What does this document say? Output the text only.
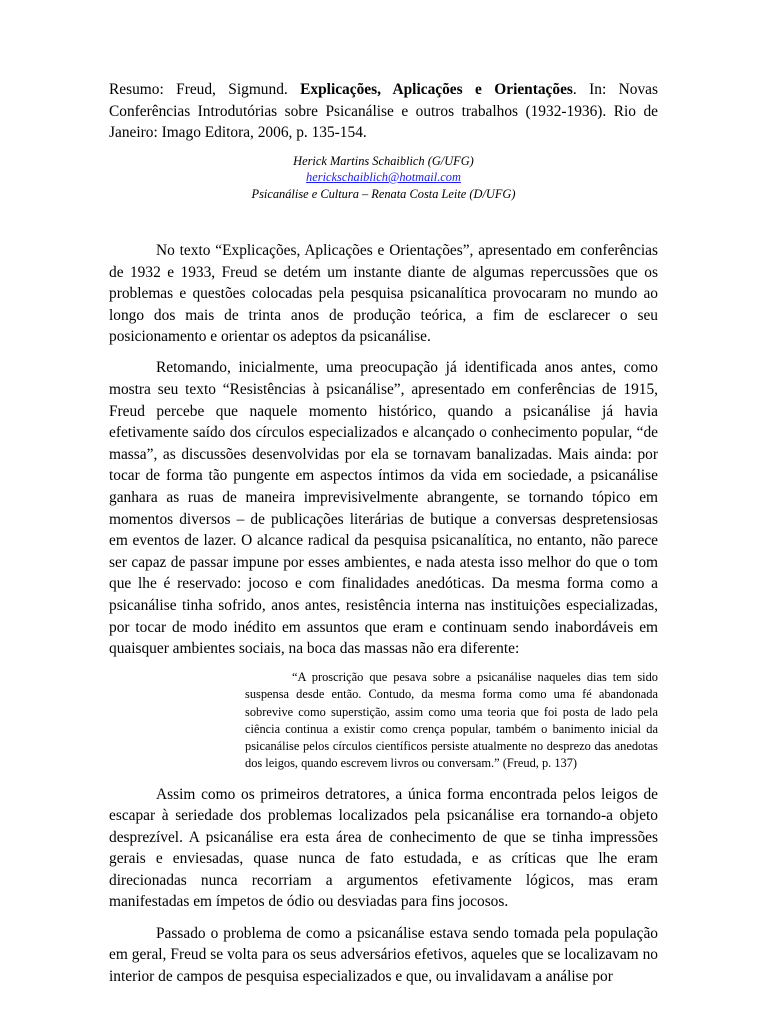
Resumo: Freud, Sigmund. Explicações, Aplicações e Orientações. In: Novas Conferências Introdutórias sobre Psicanálise e outros trabalhos (1932-1936). Rio de Janeiro: Imago Editora, 2006, p. 135-154.

Herick Martins Schaiblich (G/UFG)
herickschaiblich@hotmail.com
Psicanálise e Cultura – Renata Costa Leite (D/UFG)

No texto “Explicações, Aplicações e Orientações”, apresentado em conferências de 1932 e 1933, Freud se detém um instante diante de algumas repercussões que os problemas e questões colocadas pela pesquisa psicanalítica provocaram no mundo ao longo dos mais de trinta anos de produção teórica, a fim de esclarecer o seu posicionamento e orientar os adeptos da psicanálise.

Retomando, inicialmente, uma preocupação já identificada anos antes, como mostra seu texto “Resistências à psicanálise”, apresentado em conferências de 1915, Freud percebe que naquele momento histórico, quando a psicanálise já havia efetivamente saído dos círculos especializados e alcançado o conhecimento popular, “de massa”, as discussões desenvolvidas por ela se tornavam banalizadas. Mais ainda: por tocar de forma tão pungente em aspectos íntimos da vida em sociedade, a psicanálise ganhara as ruas de maneira imprevisivelmente abrangente, se tornando tópico em momentos diversos – de publicações literárias de butique a conversas despretensiosas em eventos de lazer. O alcance radical da pesquisa psicanalítica, no entanto, não parece ser capaz de passar impune por esses ambientes, e nada atesta isso melhor do que o tom que lhe é reservado: jocoso e com finalidades anedóticas. Da mesma forma como a psicanálise tinha sofrido, anos antes, resistência interna nas instituições especializadas, por tocar de modo inédito em assuntos que eram e continuam sendo inabordáveis em quaisquer ambientes sociais, na boca das massas não era diferente:

“A proscrição que pesava sobre a psicanálise naqueles dias tem sido suspensa desde então. Contudo, da mesma forma como uma fé abandonada sobrevive como superstição, assim como uma teoria que foi posta de lado pela ciência continua a existir como crença popular, também o banimento inicial da psicanálise pelos círculos científicos persiste atualmente no desprezo das anedotas dos leigos, quando escrevem livros ou conversam.” (Freud, p. 137)

Assim como os primeiros detratores, a única forma encontrada pelos leigos de escapar à seriedade dos problemas localizados pela psicanálise era tornando-a objeto desprezível. A psicanálise era esta área de conhecimento de que se tinha impressões gerais e enviesadas, quase nunca de fato estudada, e as críticas que lhe eram direcionadas nunca recorriam a argumentos efetivamente lógicos, mas eram manifestadas em ímpetos de ódio ou desviadas para fins jocosos.

Passado o problema de como a psicanálise estava sendo tomada pela população em geral, Freud se volta para os seus adversários efetivos, aqueles que se localizavam no interior de campos de pesquisa especializados e que, ou invalidavam a análise por
